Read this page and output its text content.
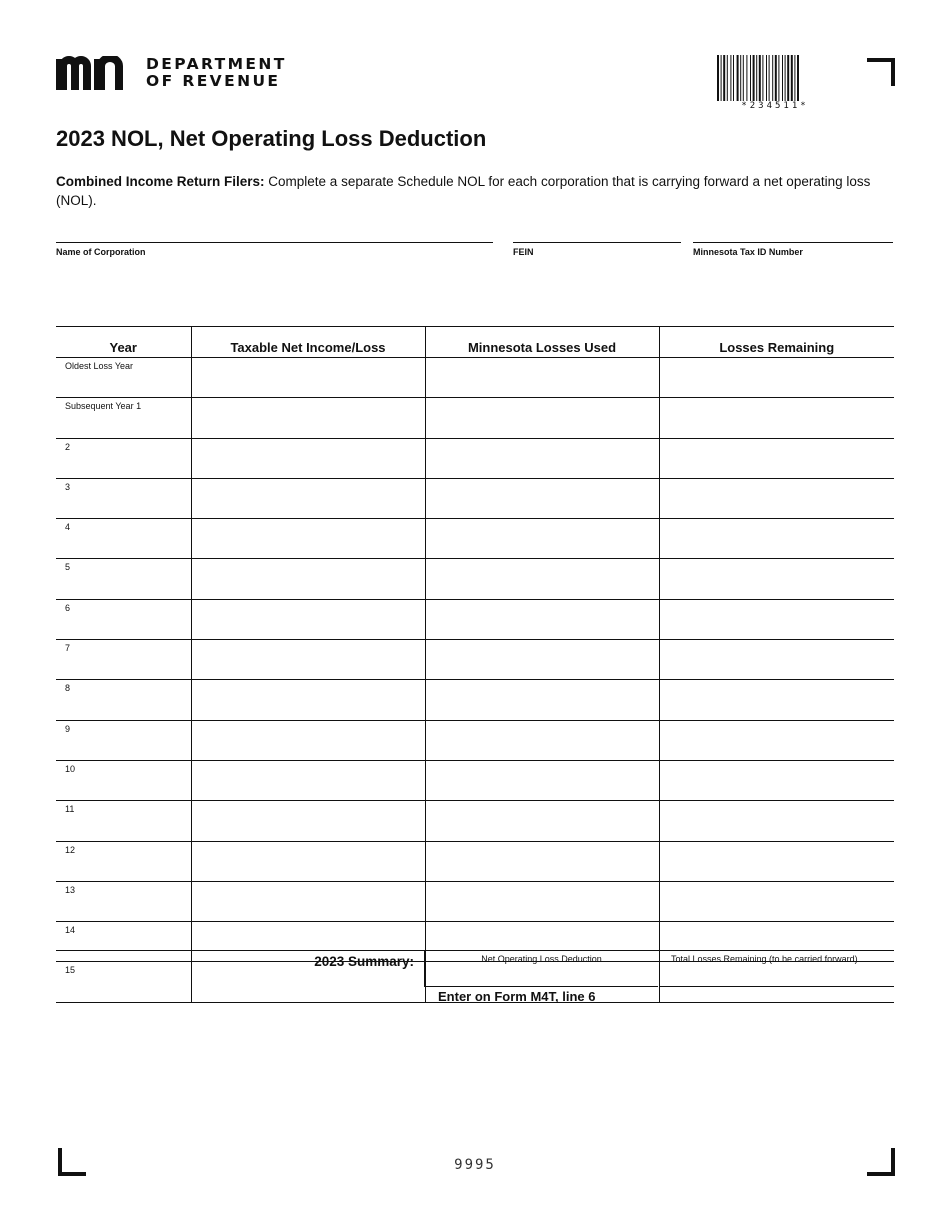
DEPARTMENT
OF REVENUE
*234511*
2023 NOL, Net Operating Loss Deduction

Combined Income Return Filers: Complete a separate Schedule NOL for each corporation that is carrying forward a net operating loss (NOL).

Name of Corporation	FEIN	Minnesota Tax ID Number
Year	Taxable Net Income/Loss	Minnesota Losses Used	Losses Remaining
Oldest Loss Year			
Subsequent Year 1			
2			
3			
4			
5			
6			
7			
8			
9			
10			
11			
12			
13			
14			
15			
2023 Summary:	Net Operating Loss Deduction	Total Losses Remaining (to be carried forward)
Enter on Form M4T, line 6
9995
